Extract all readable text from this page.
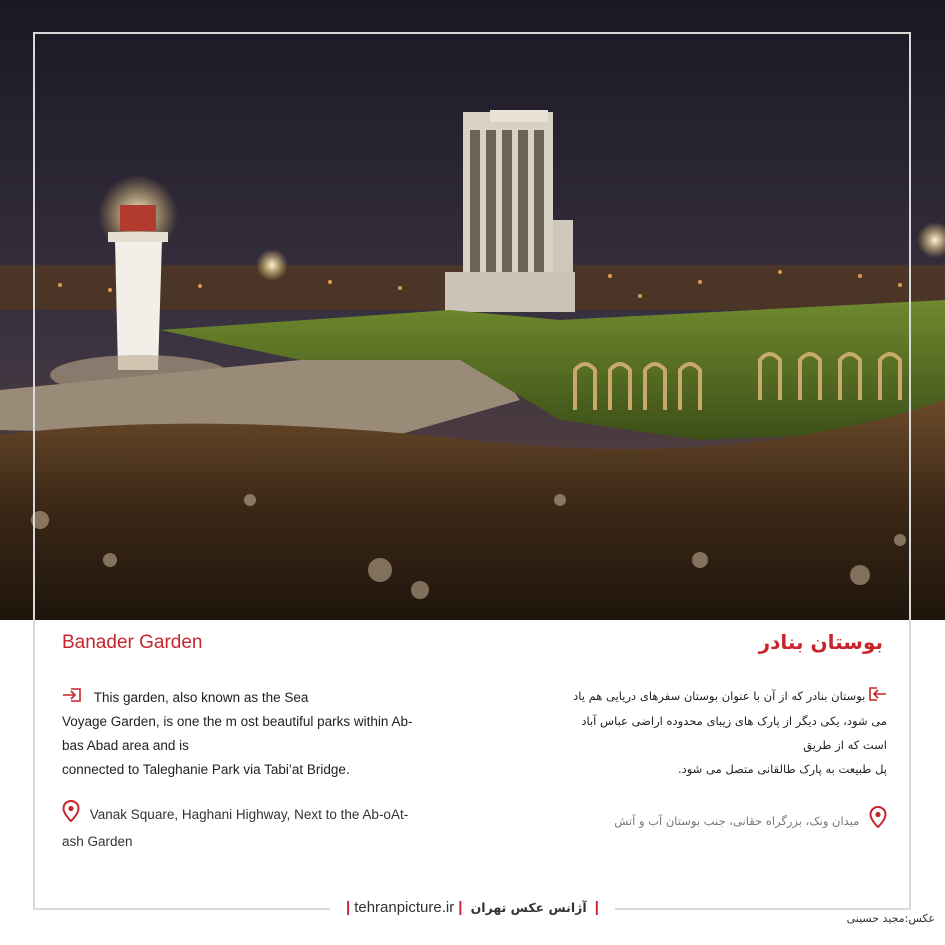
Banader Garden	بوستان بنادر
This garden, also known as the Sea
Voyage Garden, is one the m ost beautiful parks within Ab-
bas Abad area and is
connected to Taleghanie Park via Tabi’at Bridge.
بوستان بنادر که از آن با عنوان بوستان سفرهای دریایی هم یاد
می شود، یکی دیگر از پارک های زیبای محدوده اراضی عباس آباد
است که از طریق
پل طبیعت به پارک طالقانی متصل می شود.
Vanak Square, Haghani Highway, Next to the Ab-oAt-
ash Garden
میدان ونک، بزرگراه حقانی، جنب بوستان آب و آتش
| tehranpicture.ir | آژانس عکس تهران |
عکس:مجید حسینی
